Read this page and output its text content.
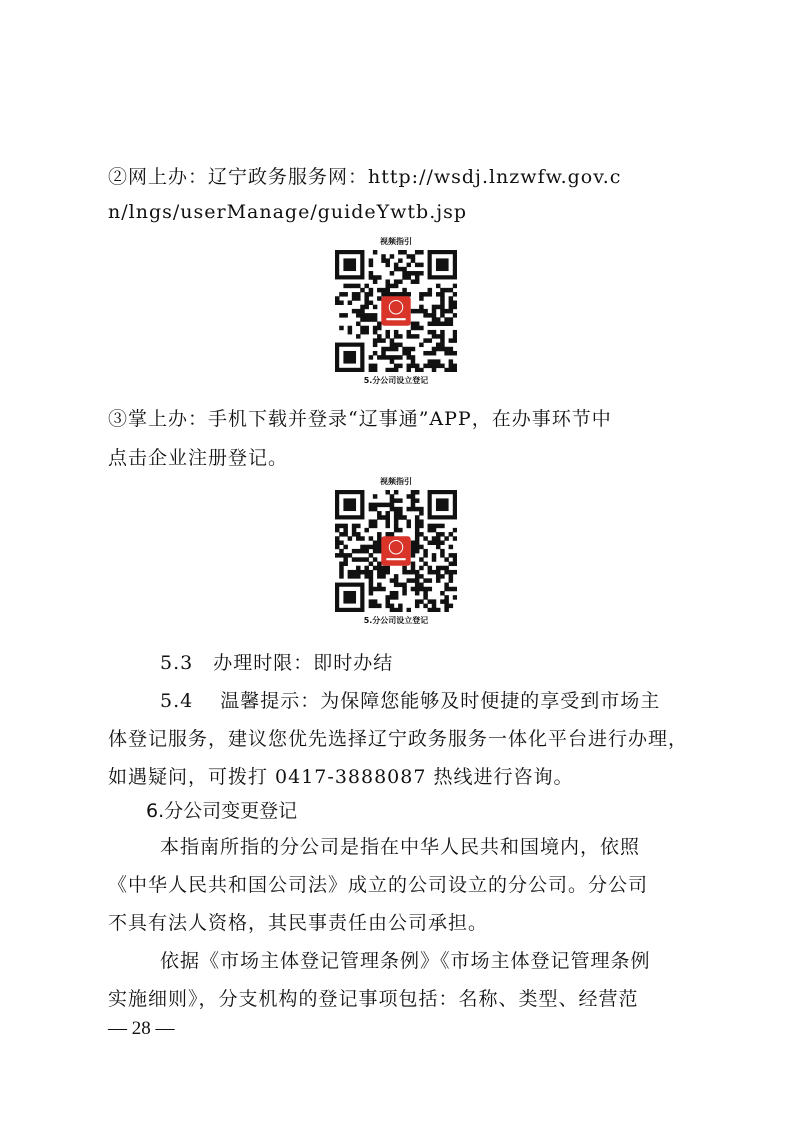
②网上办：辽宁政务服务网：http://wsdj.lnzwfw.gov.c
n/lngs/userManage/guideYwtb.jsp
视频指引
5.分公司设立登记
③掌上办：手机下载并登录“辽事通”APP，在办事环节中
点击企业注册登记。
视频指引
5.分公司设立登记
5.3　办理时限：即时办结
5.4　 温馨提示：为保障您能够及时便捷的享受到市场主
体登记服务，建议您优先选择辽宁政务服务一体化平台进行办理，
如遇疑问，可拨打 0417-3888087 热线进行咨询。
6.分公司变更登记
本指南所指的分公司是指在中华人民共和国境内，依照
《中华人民共和国公司法》成立的公司设立的分公司。分公司
不具有法人资格，其民事责任由公司承担。
依据《市场主体登记管理条例》《市场主体登记管理条例
实施细则》，分支机构的登记事项包括：名称、类型、经营范
— 28 —
